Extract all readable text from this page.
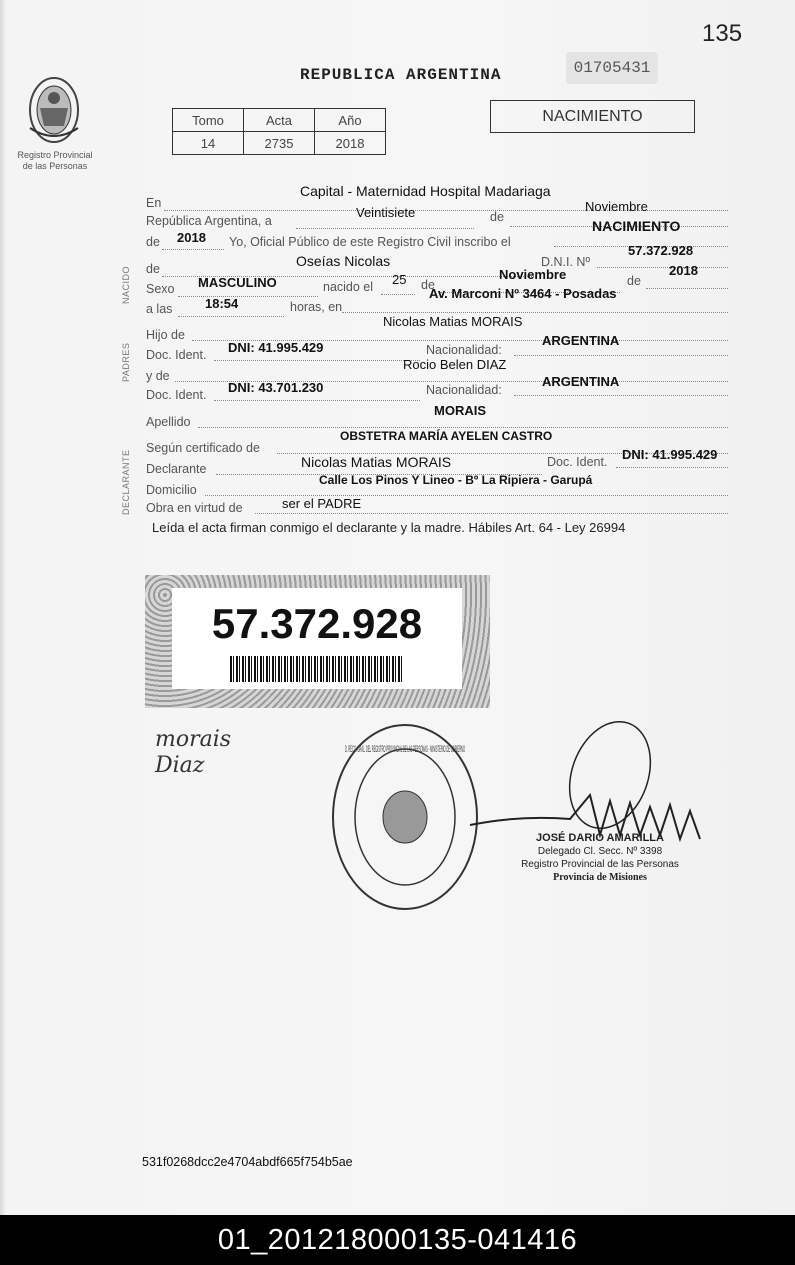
135
Registro Provincial
de las Personas
REPUBLICA ARGENTINA	01705431
Tomo	Acta	Año
14	2735	2018
NACIMIENTO
NACIDO
PADRES
DECLARANTE
En
Capital - Maternidad Hospital Madariaga
República Argentina, a
Veintisiete	de
Noviembre
de 2018 Yo, Oficial Público de este Registro Civil inscribo el
NACIMIENTO
de	Oseías Nicolas	D.N.I. Nº
57.372.928
Sexo MASCULINO	nacido el 25 de
Noviembre	de
2018
a las	18:54	horas, en
Av. Marconi Nº 3464 - Posadas
Hijo de
Nicolas Matias MORAIS
Doc. Ident. DNI: 41.995.429	Nacionalidad:
ARGENTINA
y de
Rocio Belen DIAZ
Doc. Ident. DNI: 43.701.230	Nacionalidad:
ARGENTINA
Apellido
MORAIS
Según certificado de
OBSTETRA MARÍA AYELEN CASTRO
Declarante	Nicolas Matias MORAIS	Doc. Ident. DNI: 41.995.429
Domicilio
Calle Los Pinos Y Lineo - Bº La Ripiera - Garupá
Obra en virtud de	ser el PADRE
Leída el acta firman conmigo el declarante y la madre. Hábiles Art. 64 - Ley 26994
57.372.928
morais
Diaz
D. RECC. GRAL. DEL REGISTRO PROVINCIAL DE LAS PERSONAS - MINISTERIO DE GOBIERNO
JOSÉ DARIO AMARILLA
Delegado Cl. Secc. Nº 3398
Registro Provincial de las Personas
Provincia de Misiones
531f0268dcc2e4704abdf665f754b5ae
01_201218000135-041416
